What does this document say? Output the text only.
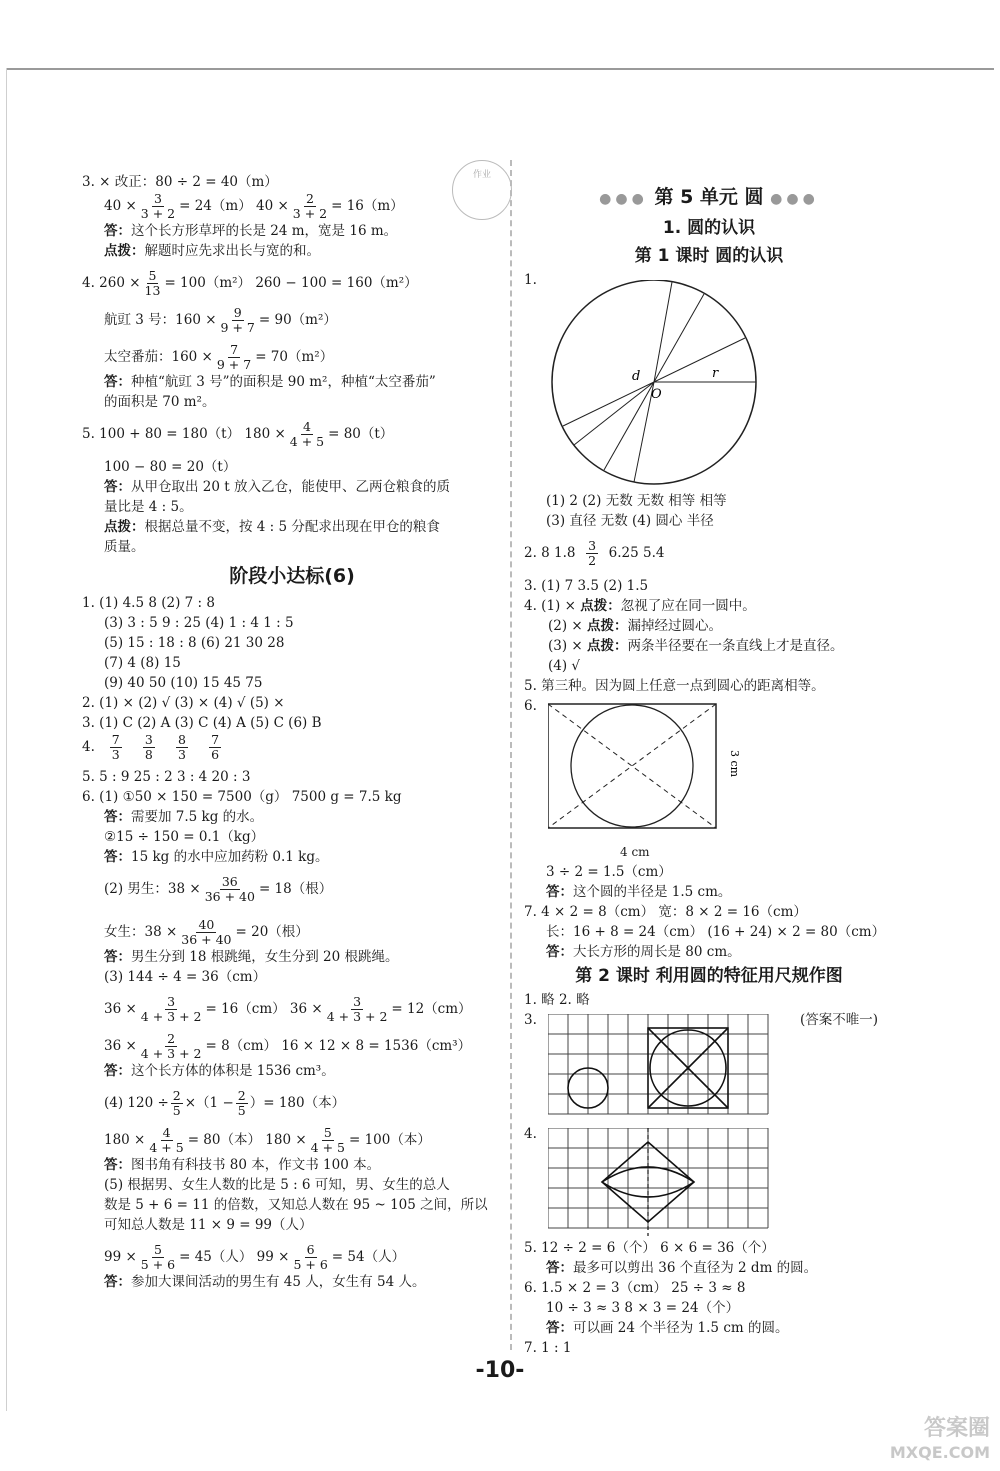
作业
3. × 改正：80 ÷ 2 = 40（m）
$40 \times \frac{3}{3 + 2} = 24(m) 40 \times \frac{2}{3 + 2} = 16(m)$
答：这个长方形草坪的长是 24 m，宽是 16 m。
点拨：解题时应先求出长与宽的和。
4. $260 \times \frac{5}{13} = 100(m^2) 260 - 100 = 160(m^2)$
航豇 3 号：$160 \times \frac{9}{9 + 7} = 90(m^2)$
太空番茄：$160 \times \frac{7}{9 + 7} = 70(m^2)$
答：种植“航豇 3 号”的面积是 90 m²，种植“太空番茄”
的面积是 70 m²。
5. 100 + 80 = 180（t） $180 \times \frac{4}{4 + 5} = 80(t)$
100 − 80 = 20（t）
答：从甲仓取出 20 t 放入乙仓，能使甲、乙两仓粮食的质
量比是 4 : 5。
点拨：根据总量不变，按 4 : 5 分配求出现在甲仓的粮食
质量。
阶段小达标(6)
1. (1) 4.5 8 (2) 7 : 8
(3) 3 : 5 9 : 25 (4) 1 : 4 1 : 5
(5) 15 : 18 : 8 (6) 21 30 28
(7) 4 (8) 15
(9) 40 50 (10) 15 45 75
2. (1) × (2) √ (3) × (4) √ (5) ×
3. (1) C (2) A (3) C (4) A (5) C (6) B
4. $\frac{7}{3}$
$\frac{3}{8}$
$\frac{8}{3}$
$\frac{7}{6}$
5. 5 : 9 25 : 2 3 : 4 20 : 3
6. (1) ①50 × 150 = 7500（g） 7500 g = 7.5 kg
答：需要加 7.5 kg 的水。
②15 ÷ 150 = 0.1（kg）
答：15 kg 的水中应加药粉 0.1 kg。
(2) 男生：$38 \times \frac{36}{36 + 40} = 18$（根）
女生：$38 \times \frac{40}{36 + 40} = 20$（根）
答：男生分到 18 根跳绳，女生分到 20 根跳绳。
(3) 144 ÷ 4 = 36（cm）
$36 \times \frac{3}{4 + 3 + 2} = 16(cm) 36 \times \frac{3}{4 + 3 + 2} = 12(cm)$
$36 \times \frac{2}{4 + 3 + 2} = 8(cm) 16 \times 12 \times 8 = 1536(cm^3)$
答：这个长方体的体积是 1536 cm³。
(4) $120 \div \frac{2}{5} \times(1 - \frac{2}{5}$ ）= 180（本）
$180 \times \frac{4}{4 + 5} = 80$（本） $180 \times \frac{5}{4 + 5} = 100$（本）
答：图书角有科技书 80 本，作文书 100 本。
(5) 根据男、女生人数的比是 5 : 6 可知，男、女生的总人
数是 5 + 6 = 11 的倍数，又知总人数在 95 ~ 105 之间，所以
可知总人数是 11 × 9 = 99（人）
$99 \times \frac{5}{5 + 6} = 45$（人） $99 \times \frac{6}{5 + 6} = 54$（人）
答：参加大课间活动的男生有 45 人，女生有 54 人。
●●● 第 5 单元 圆 ●●●
1. 圆的认识
第 1 课时 圆的认识
1.
d
O
r
(1) 2 (2) 无数 无数 相等 相等
(3) 直径 无数 (4) 圆心 半径
2. 8 $1.8 \frac{3}{2} 6.25$ 5.4
3. (1) 7 3.5 (2) 1.5
4. (1) × 点拨：忽视了应在同一圆中。
(2) × 点拨：漏掉经过圆心。
(3) × 点拨：两条半径要在一条直线上才是直径。
(4) √
5. 第三种。因为圆上任意一点到圆心的距离相等。
6.
3 cm
4 cm
3 ÷ 2 = 1.5（cm）
答：这个圆的半径是 1.5 cm。
7. 4 × 2 = 8（cm） 宽：8 × 2 = 16（cm）
长：16 + 8 = 24（cm） (16 + 24) × 2 = 80（cm）
答：大长方形的周长是 80 cm。
第 2 课时 利用圆的特征用尺规作图
1. 略 2. 略
3.	(答案不唯一)
4.
5. 12 ÷ 2 = 6（个） 6 × 6 = 36（个）
答：最多可以剪出 36 个直径为 2 dm 的圆。
6. 1.5 × 2 = 3（cm） 25 ÷ 3 ≈ 8
10 ÷ 3 ≈ 3 8 × 3 = 24（个）
答：可以画 24 个半径为 1.5 cm 的圆。
7. 1 : 1
-10-
答案圈
MXQE.COM
